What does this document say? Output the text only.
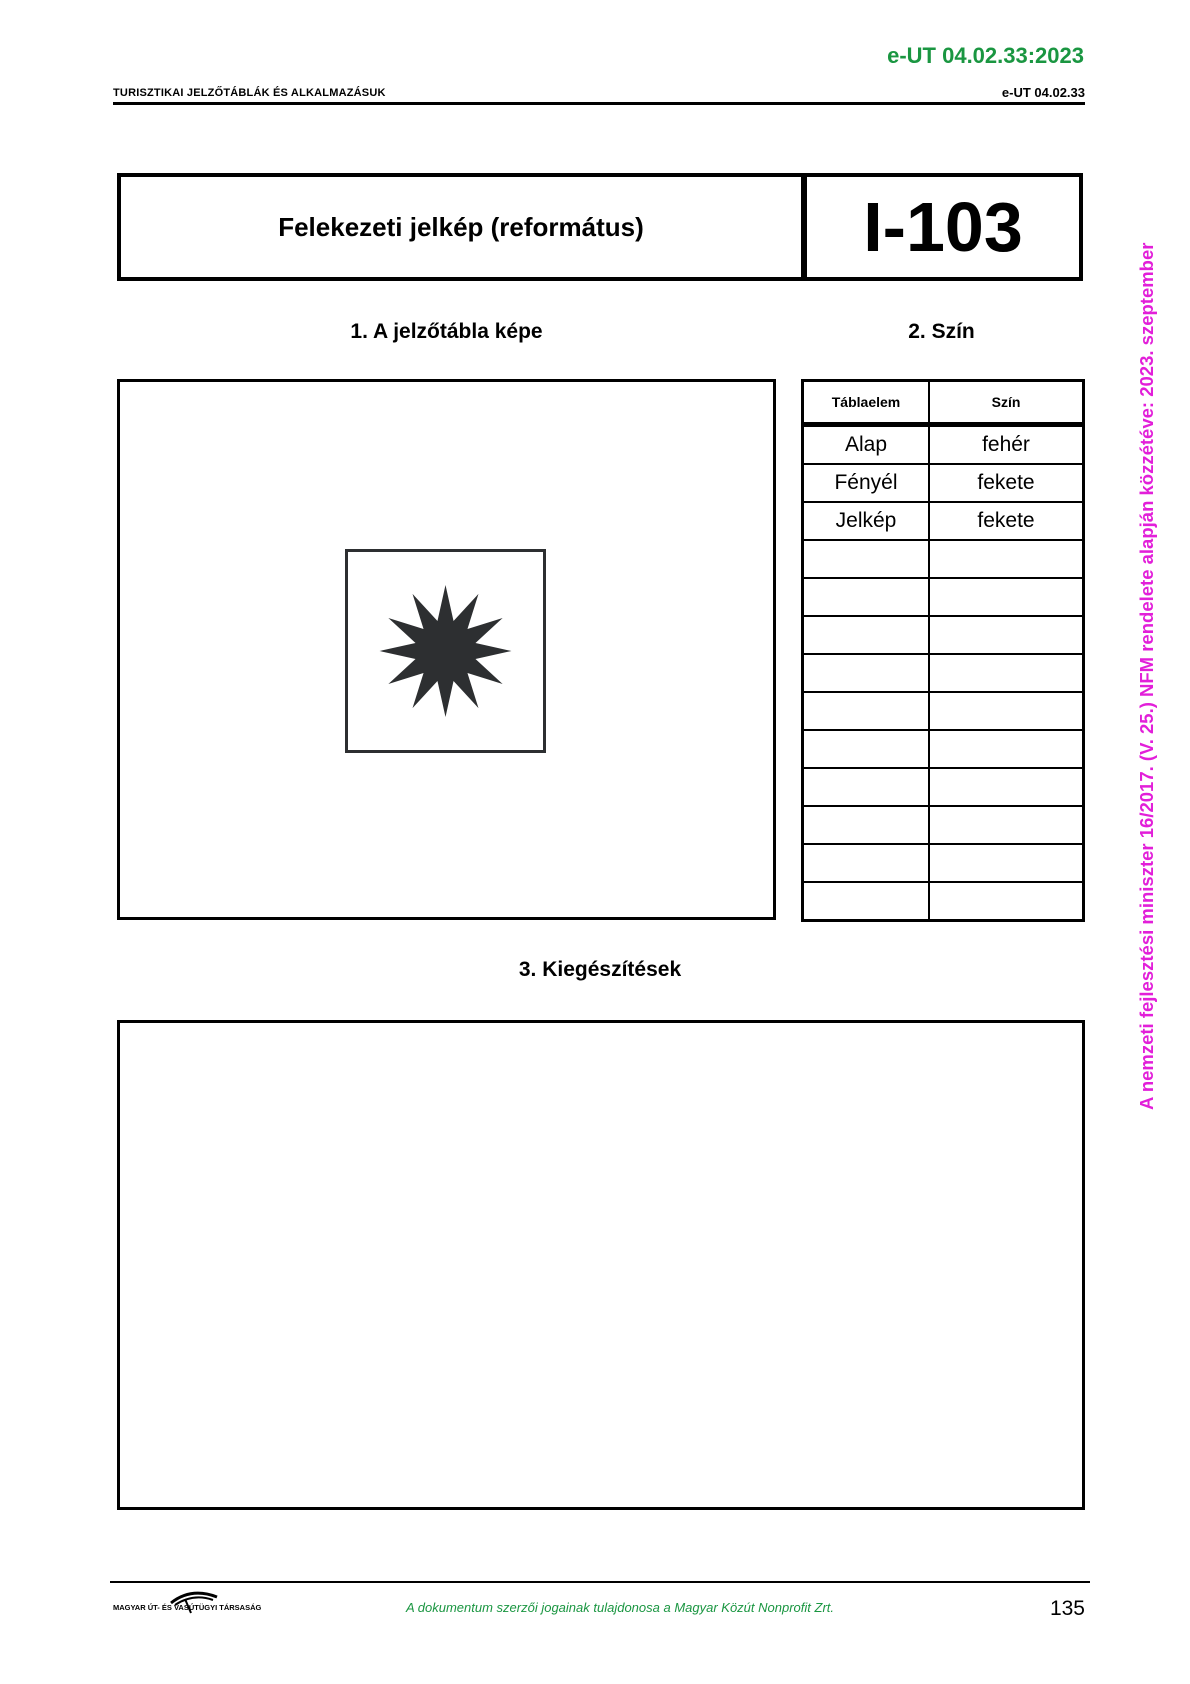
e-UT 04.02.33:2023
TURISZTIKAI JELZŐTÁBLÁK ÉS ALKALMAZÁSUK	e-UT 04.02.33
A nemzeti fejlesztési miniszter 16/2017. (V. 25.) NFM rendelete alapján közzétéve: 2023. szeptember
Felekezeti jelkép (református)	I-103
1. A jelzőtábla képe	2. Szín
Táblaelem	Szín
Alap	fehér
Fényél	fekete
Jelkép	fekete

3. Kiegészítések
MAGYAR ÚT- ÉS VASÚTÜGYI TÁRSASÁG	A dokumentum szerzői jogainak tulajdonosa a Magyar Közút Nonprofit Zrt.	135
